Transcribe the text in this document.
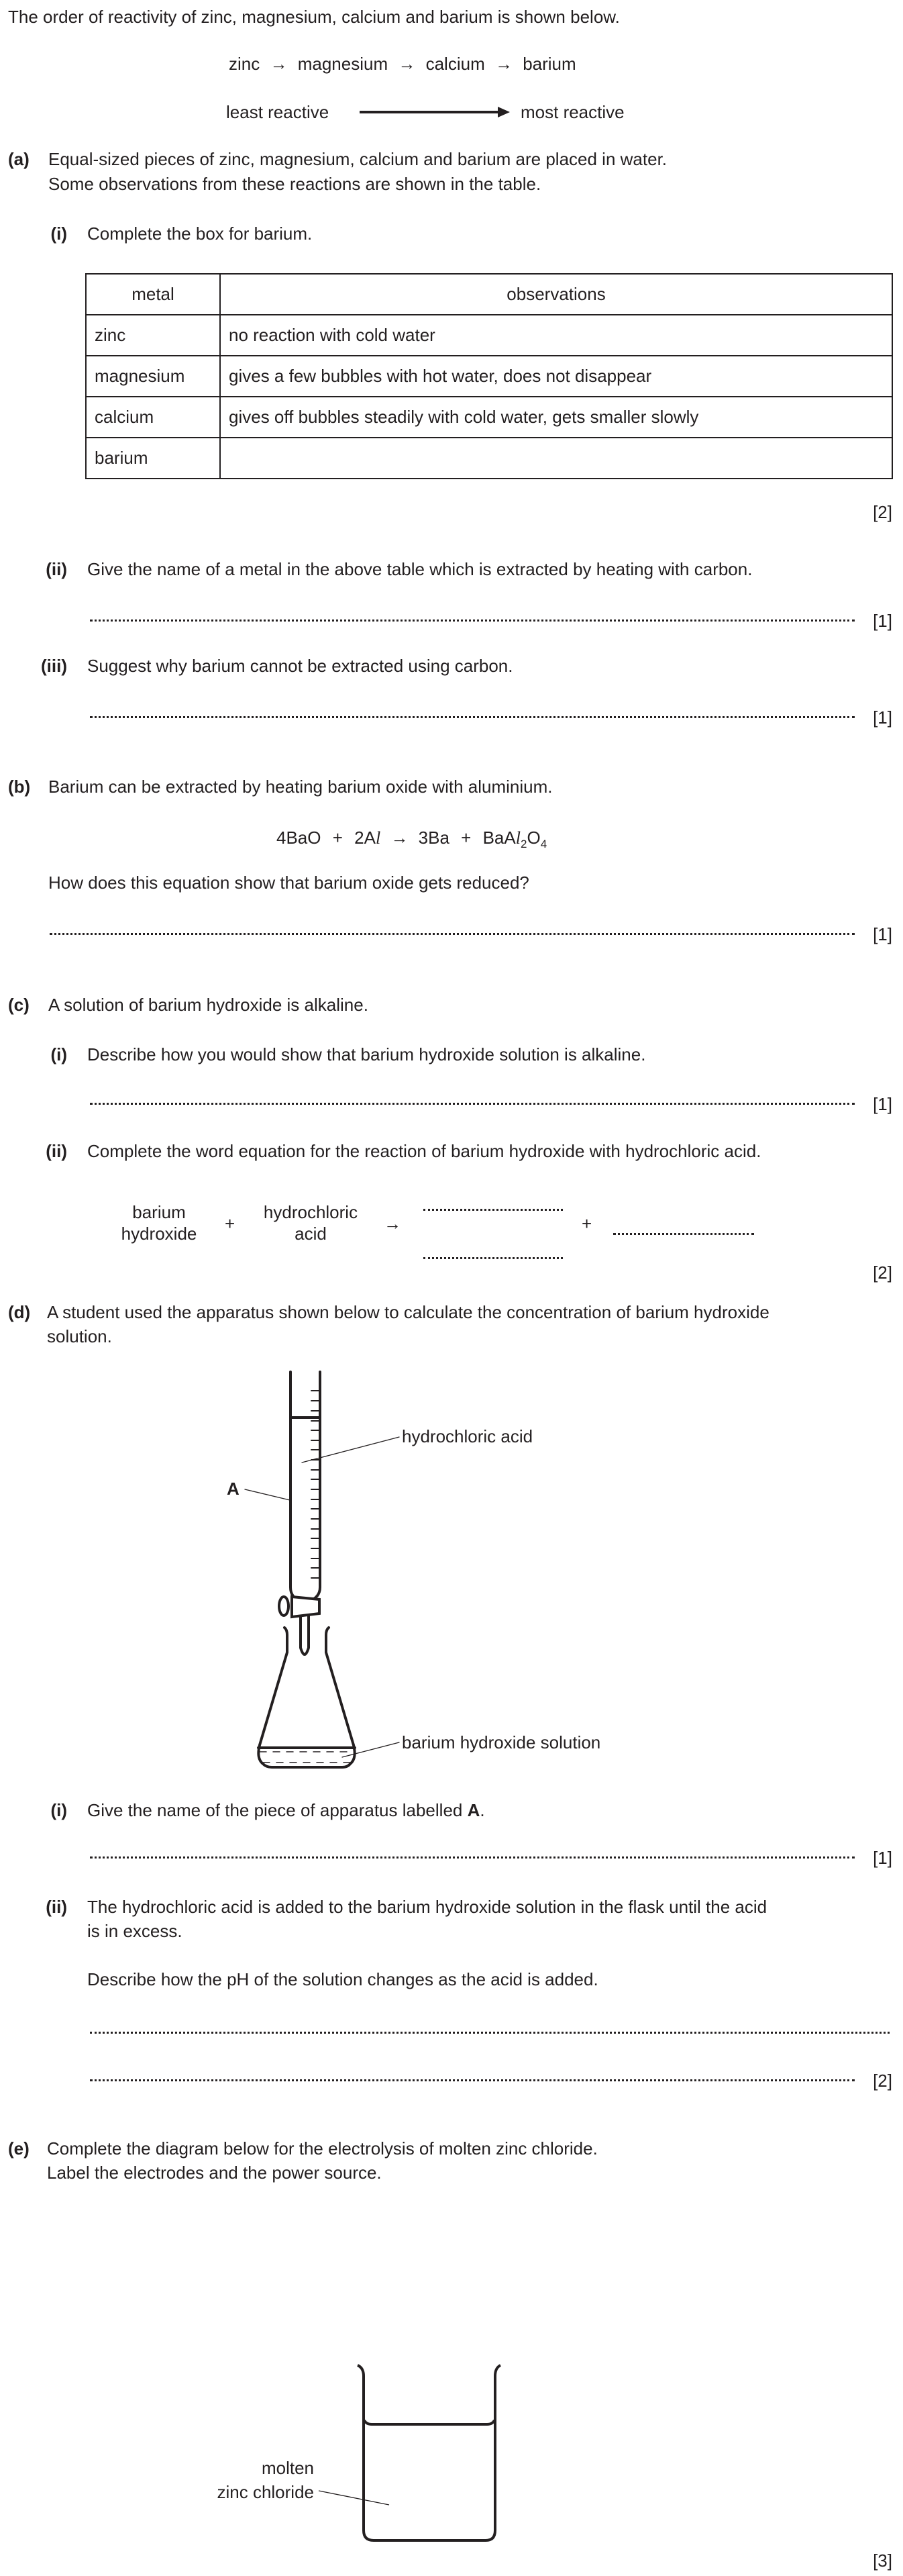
The order of reactivity of zinc, magnesium, calcium and barium is shown below.
zinc → magnesium → calcium → barium
least reactive	most reactive
(a) Equal-sized pieces of zinc, magnesium, calcium and barium are placed in water.
Some observations from these reactions are shown in the table.
(i) Complete the box for barium.
metal	observations
zinc	no reaction with cold water
magnesium	gives a few bubbles with hot water, does not disappear
calcium	gives off bubbles steadily with cold water, gets smaller slowly
barium	
[2]
(ii) Give the name of a metal in the above table which is extracted by heating with carbon.
[1]
(iii) Suggest why barium cannot be extracted using carbon.
[1]
(b) Barium can be extracted by heating barium oxide with aluminium.
$4BaO + 2Al \to 3Ba + BaAl_2O_4$
How does this equation show that barium oxide gets reduced?
[1]
(c) A solution of barium hydroxide is alkaline.
(i) Describe how you would show that barium hydroxide solution is alkaline.
[1]
(ii) Complete the word equation for the reaction of barium hydroxide with hydrochloric acid.
barium
hydroxide	+
hydrochloric
acid	→	+
[2]
(d) A student used the apparatus shown below to calculate the concentration of barium hydroxide
solution.
A
hydrochloric acid
barium hydroxide solution
(i) Give the name of the piece of apparatus labelled A.
[1]
(ii) The hydrochloric acid is added to the barium hydroxide solution in the flask until the acid
is in excess.
Describe how the pH of the solution changes as the acid is added.
[2]
(e) Complete the diagram below for the electrolysis of molten zinc chloride.
Label the electrodes and the power source.
molten
zinc chloride
[3]
